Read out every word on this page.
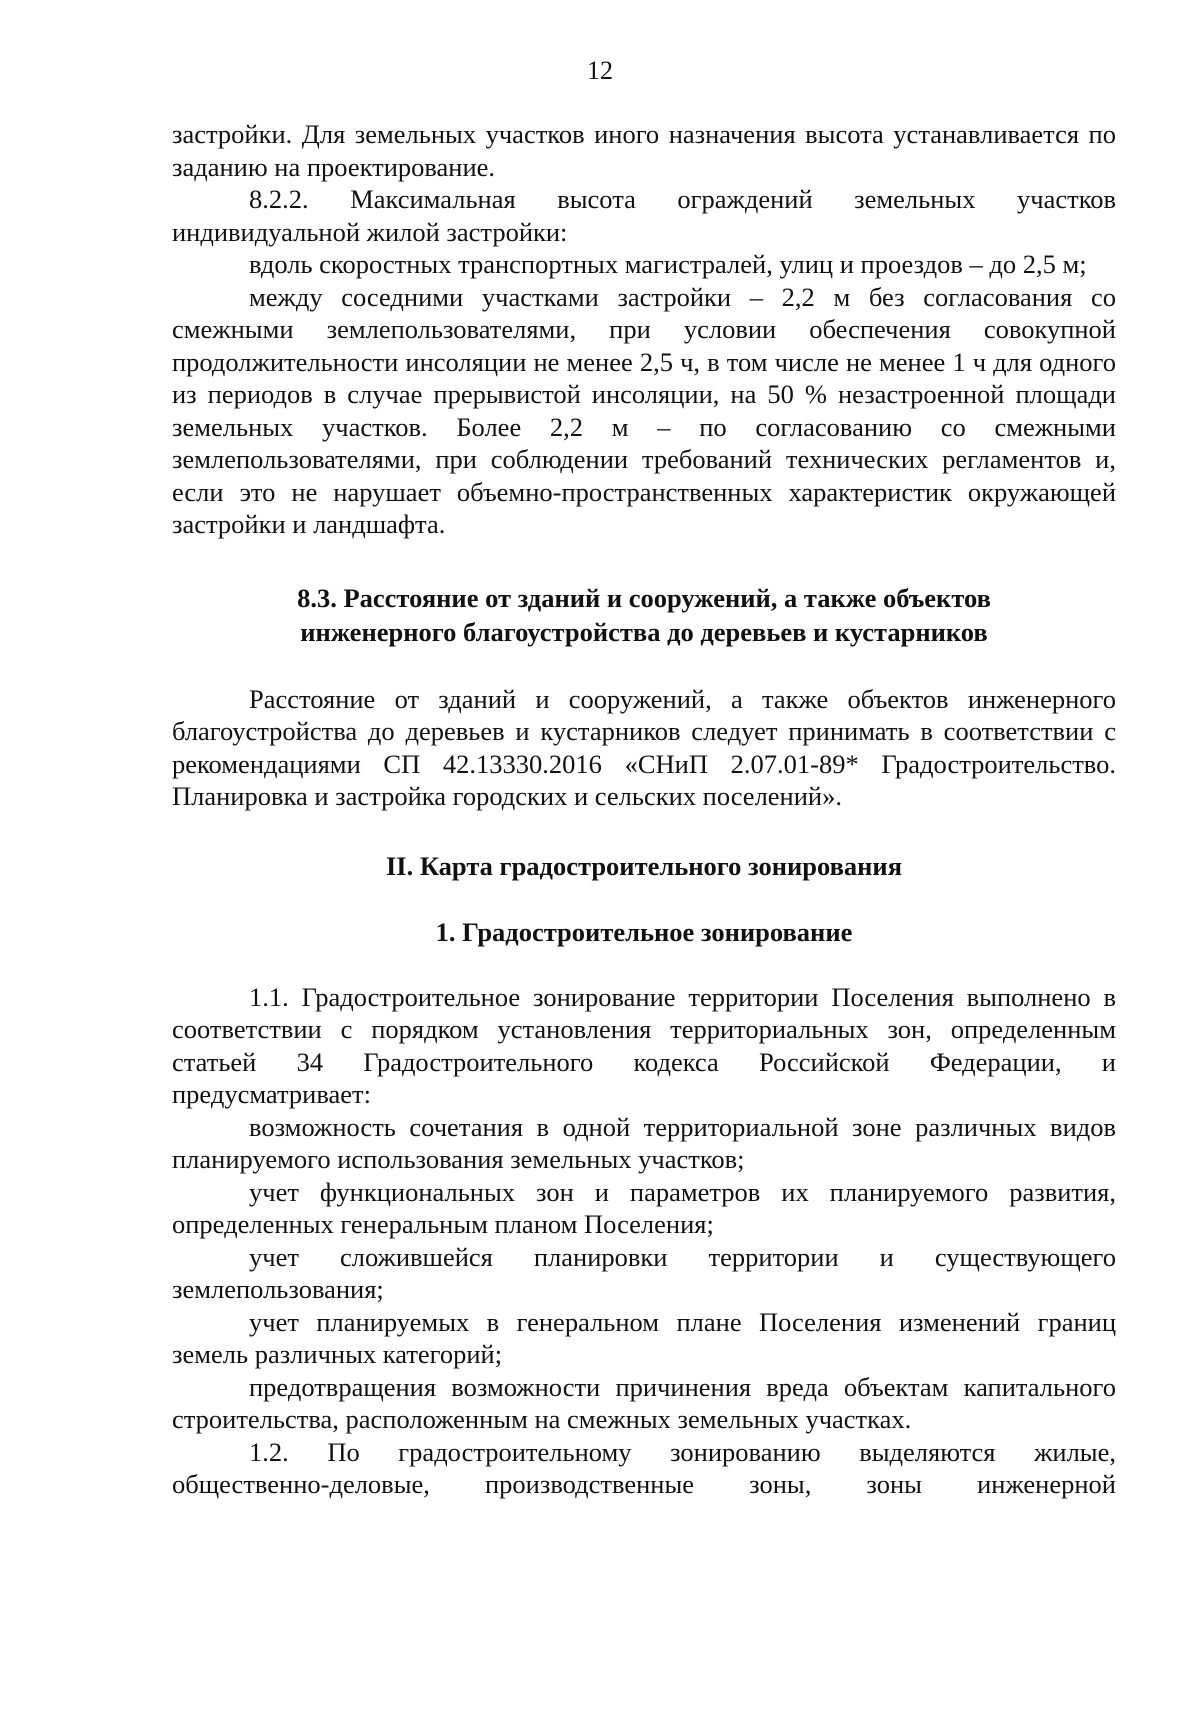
12

застройки. Для земельных участков иного назначения высота устанавливается по заданию на проектирование.

8.2.2. Максимальная высота ограждений земельных участков индивидуальной жилой застройки:

вдоль скоростных транспортных магистралей, улиц и проездов – до 2,5 м;

между соседними участками застройки – 2,2 м без согласования со смежными землепользователями, при условии обеспечения совокупной продолжительности инсоляции не менее 2,5 ч, в том числе не менее 1 ч для одного из периодов в случае прерывистой инсоляции, на 50 % незастроенной площади земельных участков. Более 2,2 м – по согласованию со смежными землепользователями, при соблюдении требований технических регламентов и, если это не нарушает объемно-пространственных характеристик окружающей застройки и ландшафта.

8.3. Расстояние от зданий и сооружений, а также объектов
инженерного благоустройства до деревьев и кустарников

Расстояние от зданий и сооружений, а также объектов инженерного благоустройства до деревьев и кустарников следует принимать в соответствии с рекомендациями СП 42.13330.2016 «СНиП 2.07.01-89* Градостроительство. Планировка и застройка городских и сельских поселений».

II. Карта градостроительного зонирования
1. Градостроительное зонирование

1.1. Градостроительное зонирование территории Поселения выполнено в соответствии с порядком установления территориальных зон, определенным статьей 34 Градостроительного кодекса Российской Федерации, и предусматривает:

возможность сочетания в одной территориальной зоне различных видов планируемого использования земельных участков;

учет функциональных зон и параметров их планируемого развития, определенных генеральным планом Поселения;

учет сложившейся планировки территории и существующего землепользования;

учет планируемых в генеральном плане Поселения изменений границ земель различных категорий;

предотвращения возможности причинения вреда объектам капитального строительства, расположенным на смежных земельных участках.

1.2. По градостроительному зонированию выделяются жилые, общественно-деловые, производственные зоны, зоны инженерной
